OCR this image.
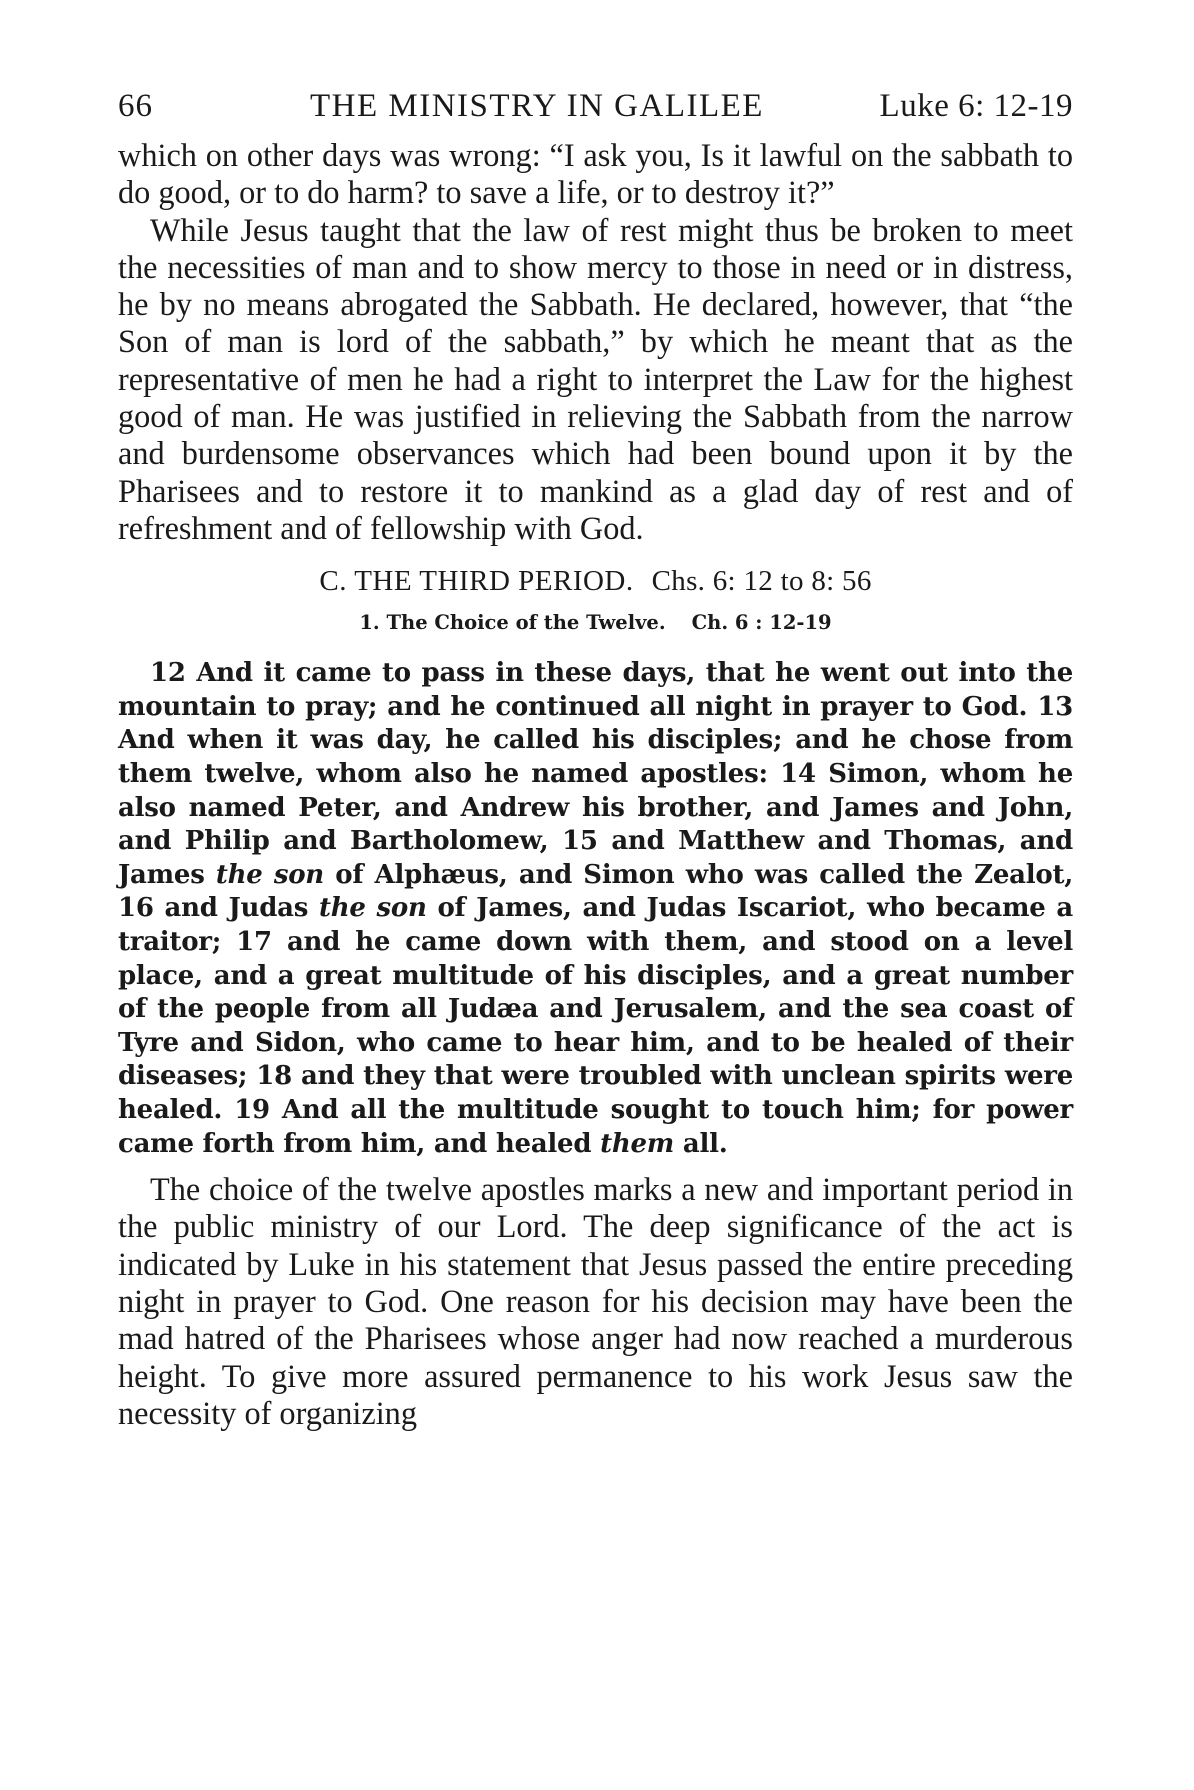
66	THE MINISTRY IN GALILEE	Luke 6: 12-19

which on other days was wrong: “I ask you, Is it lawful on the sabbath to do good, or to do harm? to save a life, or to destroy it?”

While Jesus taught that the law of rest might thus be broken to meet the necessities of man and to show mercy to those in need or in distress, he by no means abrogated the Sabbath. He declared, however, that “the Son of man is lord of the sabbath,” by which he meant that as the representative of men he had a right to interpret the Law for the highest good of man. He was justified in relieving the Sabbath from the narrow and burdensome observances which had been bound upon it by the Pharisees and to restore it to mankind as a glad day of rest and of refreshment and of fellowship with God.

C. THE THIRD PERIOD. Chs. 6: 12 to 8: 56
1. The Choice of the Twelve. Ch. 6 : 12-19

12 And it came to pass in these days, that he went out into the mountain to pray; and he continued all night in prayer to God. 13 And when it was day, he called his disciples; and he chose from them twelve, whom also he named apostles: 14 Simon, whom he also named Peter, and Andrew his brother, and James and John, and Philip and Bartholomew, 15 and Matthew and Thomas, and James the son of Alphæus, and Simon who was called the Zealot, 16 and Judas the son of James, and Judas Iscariot, who became a traitor; 17 and he came down with them, and stood on a level place, and a great multitude of his disciples, and a great number of the people from all Judæa and Jerusalem, and the sea coast of Tyre and Sidon, who came to hear him, and to be healed of their diseases; 18 and they that were troubled with unclean spirits were healed. 19 And all the multitude sought to touch him; for power came forth from him, and healed them all.

The choice of the twelve apostles marks a new and important period in the public ministry of our Lord. The deep significance of the act is indicated by Luke in his statement that Jesus passed the entire preceding night in prayer to God. One reason for his decision may have been the mad hatred of the Pharisees whose anger had now reached a murderous height. To give more assured permanence to his work Jesus saw the necessity of organizing
